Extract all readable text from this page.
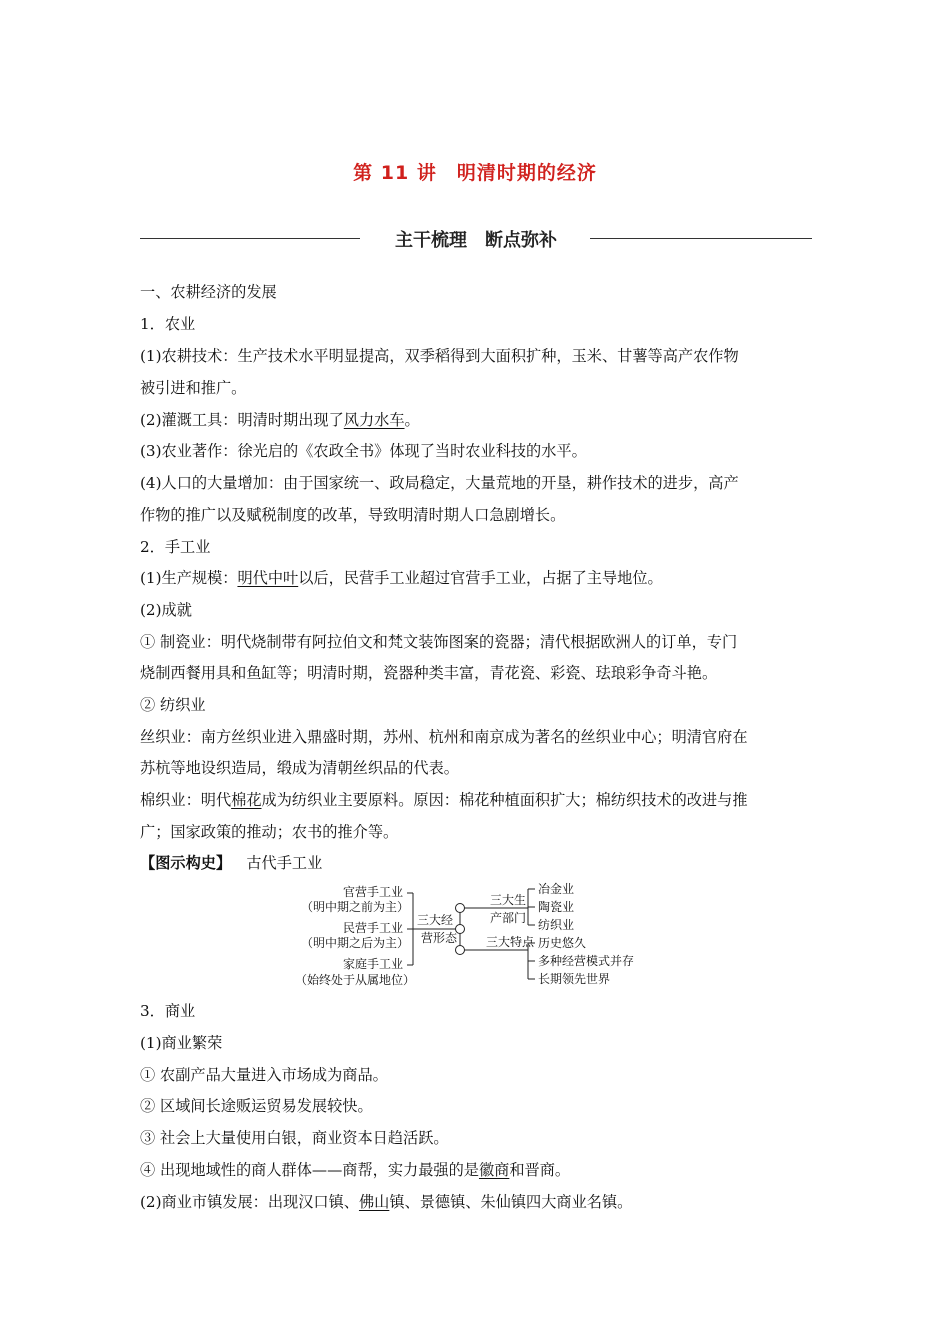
第 11 讲　明清时期的经济
主干梳理　断点弥补
一、农耕经济的发展
1．农业
(1)农耕技术：生产技术水平明显提高，双季稻得到大面积扩种，玉米、甘薯等高产农作物
被引进和推广。
(2)灌溉工具：明清时期出现了风力水车。
(3)农业著作：徐光启的《农政全书》体现了当时农业科技的水平。
(4)人口的大量增加：由于国家统一、政局稳定，大量荒地的开垦，耕作技术的进步，高产
作物的推广以及赋税制度的改革，导致明清时期人口急剧增长。
2．手工业
(1)生产规模：明代中叶以后，民营手工业超过官营手工业，占据了主导地位。
(2)成就
① 制瓷业：明代烧制带有阿拉伯文和梵文装饰图案的瓷器；清代根据欧洲人的订单，专门
烧制西餐用具和鱼缸等；明清时期，瓷器种类丰富，青花瓷、彩瓷、珐琅彩争奇斗艳。
② 纺织业
丝织业：南方丝织业进入鼎盛时期，苏州、杭州和南京成为著名的丝织业中心；明清官府在
苏杭等地设织造局，缎成为清朝丝织品的代表。
棉织业：明代棉花成为纺织业主要原料。原因：棉花种植面积扩大；棉纺织技术的改进与推
广；国家政策的推动；农书的推介等。
【图示构史】  古代手工业
官营手工业
（明中期之前为主）
民营手工业
（明中期之后为主）
家庭手工业
（始终处于从属地位）
三大经
营形态
三大生
产部门
三大特点
冶金业
陶瓷业
纺织业
历史悠久
多种经营模式并存
长期领先世界
3．商业
(1)商业繁荣
① 农副产品大量进入市场成为商品。
② 区域间长途贩运贸易发展较快。
③ 社会上大量使用白银，商业资本日趋活跃。
④ 出现地域性的商人群体——商帮，实力最强的是徽商和晋商。
(2)商业市镇发展：出现汉口镇、佛山镇、景德镇、朱仙镇四大商业名镇。
